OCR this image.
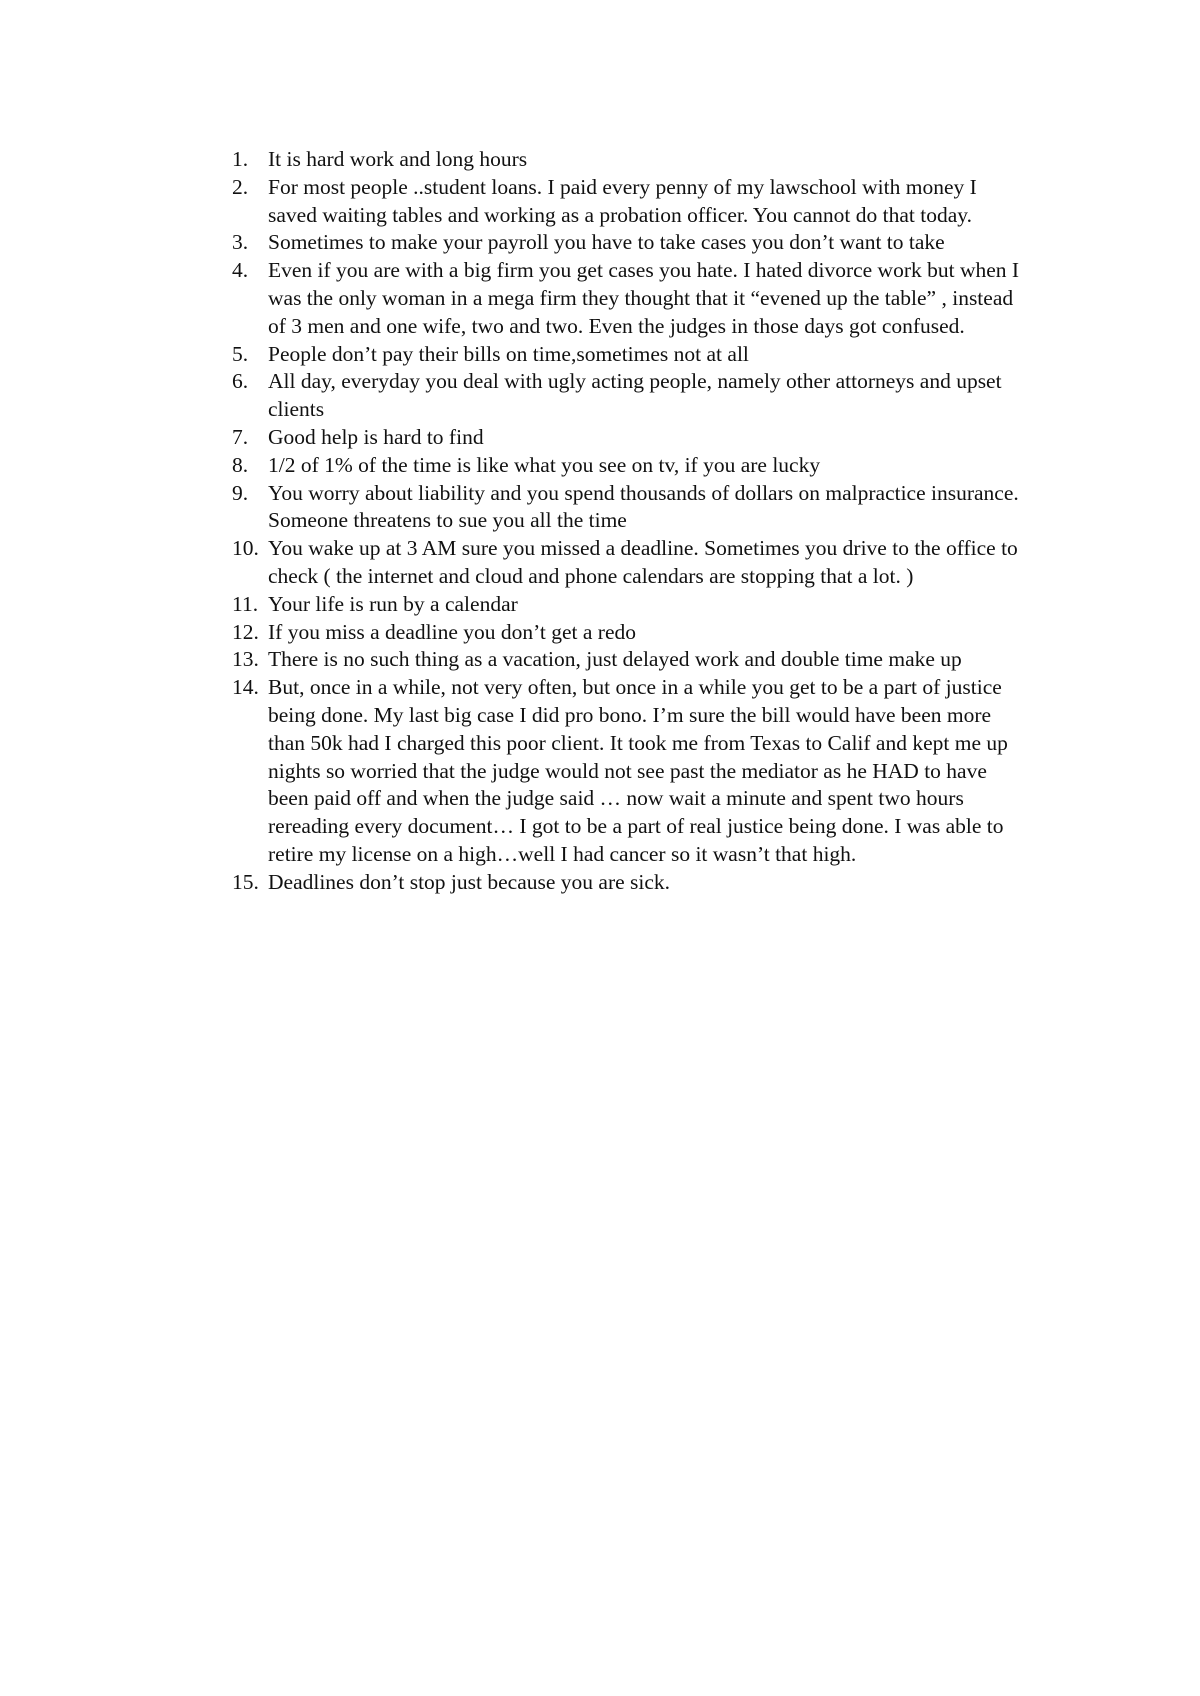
1. It is hard work and long hours
2. For most people ..student loans. I paid every penny of my lawschool with money I saved waiting tables and working as a probation officer. You cannot do that today.
3. Sometimes to make your payroll you have to take cases you don’t want to take
4. Even if you are with a big firm you get cases you hate. I hated divorce work but when I was the only woman in a mega firm they thought that it “evened up the table” , instead of 3 men and one wife, two and two. Even the judges in those days got confused.
5. People don’t pay their bills on time,sometimes not at all
6. All day, everyday you deal with ugly acting people, namely other attorneys and upset clients
7. Good help is hard to find
8. 1/2 of 1% of the time is like what you see on tv, if you are lucky
9. You worry about liability and you spend thousands of dollars on malpractice insurance. Someone threatens to sue you all the time
10. You wake up at 3 AM sure you missed a deadline. Sometimes you drive to the office to check ( the internet and cloud and phone calendars are stopping that a lot. )
11. Your life is run by a calendar
12. If you miss a deadline you don’t get a redo
13. There is no such thing as a vacation, just delayed work and double time make up
14. But, once in a while, not very often, but once in a while you get to be a part of justice being done. My last big case I did pro bono. I’m sure the bill would have been more than 50k had I charged this poor client. It took me from Texas to Calif and kept me up nights so worried that the judge would not see past the mediator as he HAD to have been paid off and when the judge said … now wait a minute and spent two hours rereading every document… I got to be a part of real justice being done. I was able to retire my license on a high…well I had cancer so it wasn’t that high.
15. Deadlines don’t stop just because you are sick.
